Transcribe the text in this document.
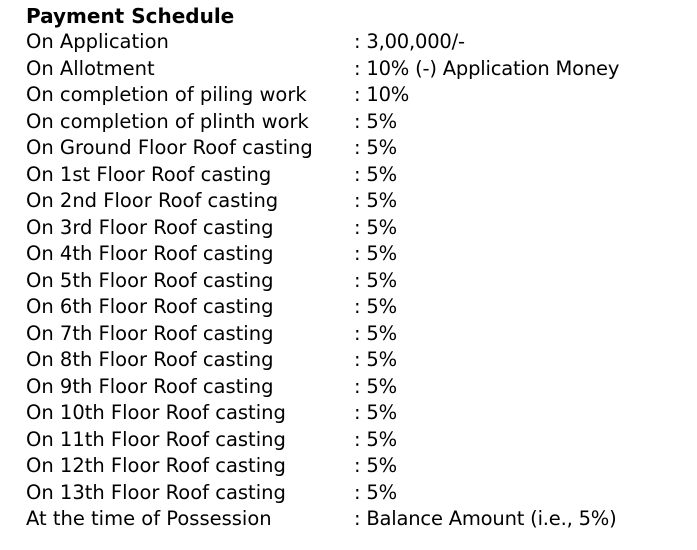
Payment Schedule
On Application	: 3,00,000/-
On Allotment	: 10% (-) Application Money
On completion of piling work	: 10%
On completion of plinth work	: 5%
On Ground Floor Roof casting	: 5%
On 1st Floor Roof casting	: 5%
On 2nd Floor Roof casting	: 5%
On 3rd Floor Roof casting	: 5%
On 4th Floor Roof casting	: 5%
On 5th Floor Roof casting	: 5%
On 6th Floor Roof casting	: 5%
On 7th Floor Roof casting	: 5%
On 8th Floor Roof casting	: 5%
On 9th Floor Roof casting	: 5%
On 10th Floor Roof casting	: 5%
On 11th Floor Roof casting	: 5%
On 12th Floor Roof casting	: 5%
On 13th Floor Roof casting	: 5%
At the time of Possession	: Balance Amount (i.e., 5%)
